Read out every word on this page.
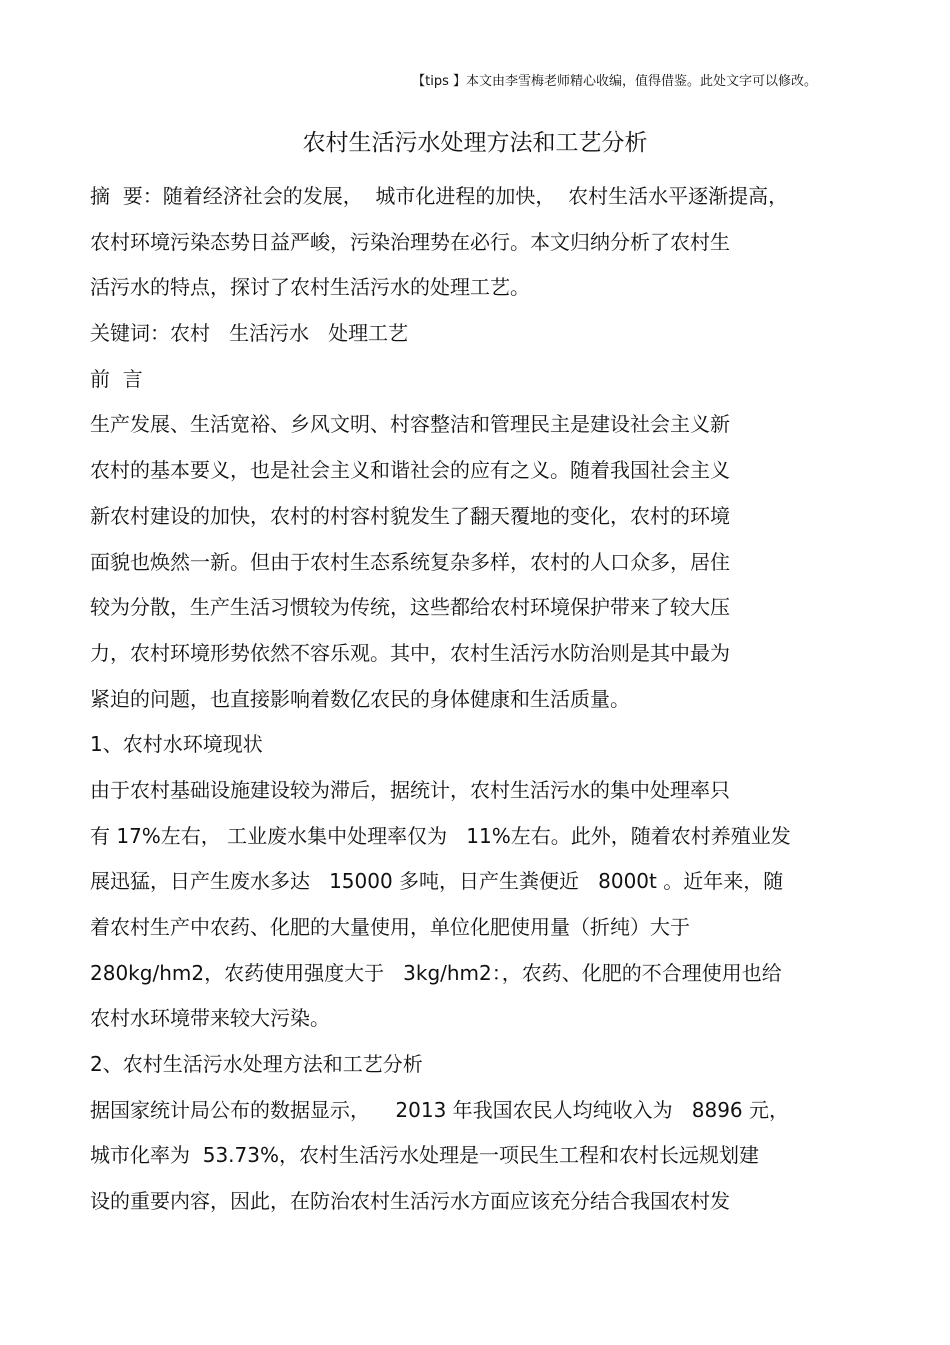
【tips 】本文由李雪梅老师精心收编，值得借鉴。此处文字可以修改。
农村生活污水处理方法和工艺分析
摘  要：随着经济社会的发展，  城市化进程的加快，  农村生活水平逐渐提高，
农村环境污染态势日益严峻，污染治理势在必行。本文归纳分析了农村生
活污水的特点，探讨了农村生活污水的处理工艺。
关键词：农村   生活污水   处理工艺
前  言
生产发展、生活宽裕、乡风文明、村容整洁和管理民主是建设社会主义新
农村的基本要义，也是社会主义和谐社会的应有之义。随着我国社会主义
新农村建设的加快，农村的村容村貌发生了翻天覆地的变化，农村的环境
面貌也焕然一新。但由于农村生态系统复杂多样，农村的人口众多，居住
较为分散，生产生活习惯较为传统，这些都给农村环境保护带来了较大压
力，农村环境形势依然不容乐观。其中，农村生活污水防治则是其中最为
紧迫的问题，也直接影响着数亿农民的身体健康和生活质量。
1、农村水环境现状
由于农村基础设施建设较为滞后，据统计，农村生活污水的集中处理率只
有 17%左右， 工业废水集中处理率仅为   11%左右。此外，随着农村养殖业发
展迅猛，日产生废水多达   15000 多吨，日产生粪便近   8000t 。近年来，随
着农村生产中农药、化肥的大量使用，单位化肥使用量（折纯）大于
280kg/hm2，农药使用强度大于   3kg/hm2：，农药、化肥的不合理使用也给
农村水环境带来较大污染。
2、农村生活污水处理方法和工艺分析
据国家统计局公布的数据显示，    2013 年我国农民人均纯收入为   8896 元，
城市化率为  53.73%，农村生活污水处理是一项民生工程和农村长远规划建
设的重要内容，因此，在防治农村生活污水方面应该充分结合我国农村发
